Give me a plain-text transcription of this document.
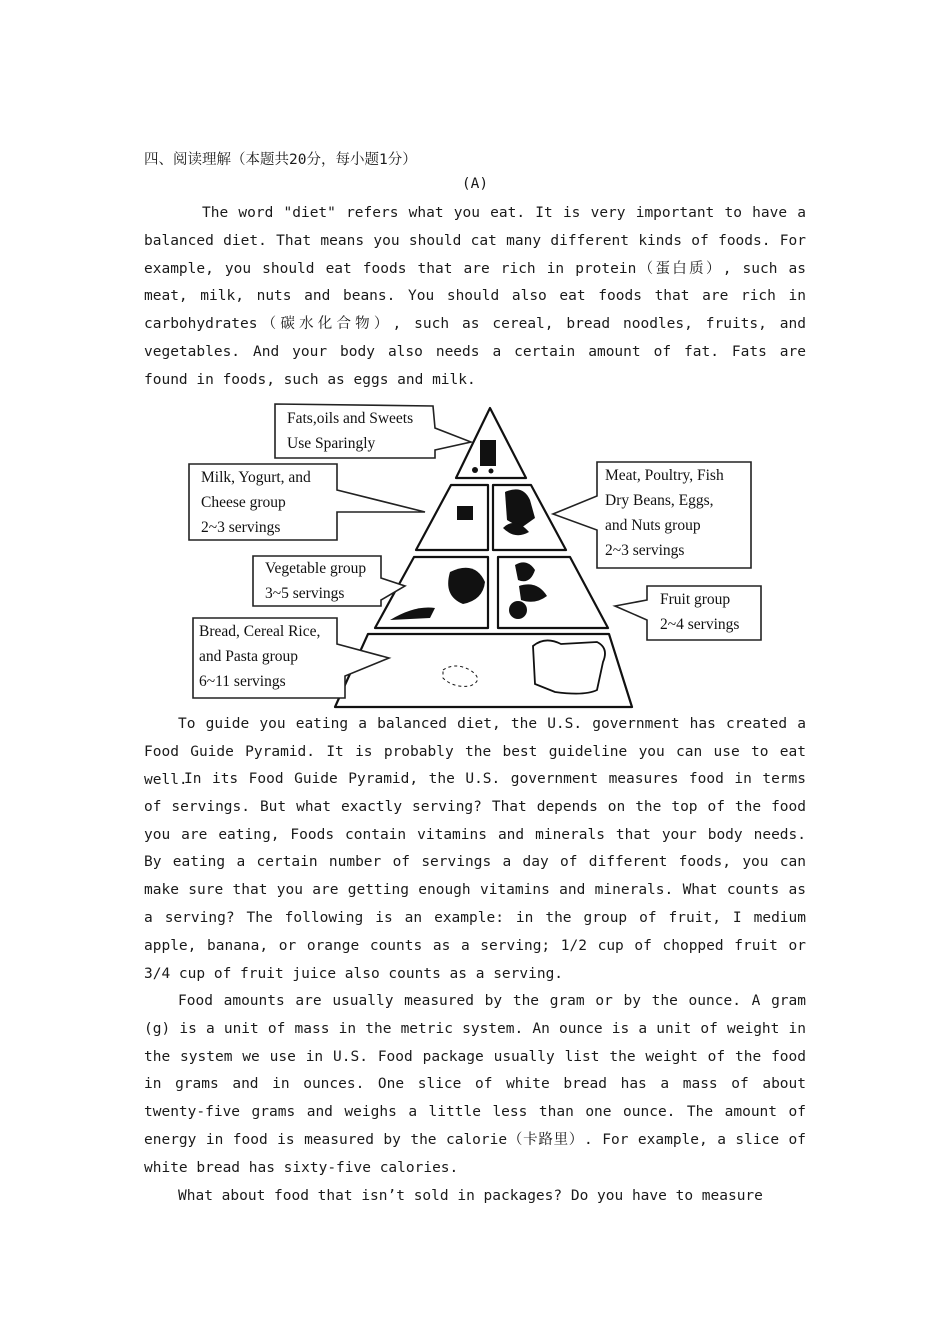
四、阅读理解（本题共20分，每小题1分）
(A)
The word "diet" refers what you eat. It is very important to have a balanced diet. That means you should cat many different kinds of foods. For example, you should eat foods that are rich in protein（蛋白质）, such as meat, milk, nuts and beans. You should also eat foods that are rich in carbohydrates（碳水化合物）, such as cereal, bread noodles, fruits, and vegetables. And your body also needs a certain amount of fat. Fats are found in foods, such as eggs and milk.
Fats,oils and Sweets
Use Sparingly
Milk, Yogurt, and
Cheese group
2~3 servings
Meat, Poultry, Fish
Dry Beans, Eggs,
and Nuts group
2~3 servings
Vegetable group
3~5 servings	Fruit group
2~4 servings
Bread, Cereal Rice,
and Pasta group
6~11 servings
To guide you eating a balanced diet, the U.S. government has created a Food Guide Pyramid. It is probably the best guideline you can use to eat well.
In its Food Guide Pyramid, the U.S. government measures food in terms of servings. But what exactly serving? That depends on the top of the food you are eating, Foods contain vitamins and minerals that your body needs. By eating a certain number of servings a day of different foods, you can make sure that you are getting enough vitamins and minerals. What counts as a serving? The following is an example: in the group of fruit, I medium apple, banana, or orange counts as a serving; 1/2 cup of chopped fruit or 3/4 cup of fruit juice also counts as a serving.
Food amounts are usually measured by the gram or by the ounce. A gram (g) is a unit of mass in the metric system. An ounce is a unit of weight in the system we use in U.S. Food package usually list the weight of the food in grams and in ounces. One slice of white bread has a mass of about twenty-five grams and weighs a little less than one ounce. The amount of energy in food is measured by the calorie（卡路里）. For example, a slice of white bread has sixty-five calories.
What about food that isn’t sold in packages? Do you have to measure
